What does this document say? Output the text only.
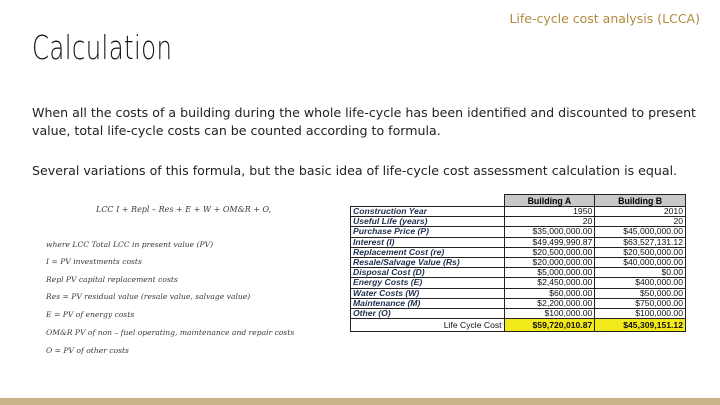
Calculation
Life-cycle cost analysis (LCCA)

When all the costs of a building during the whole life-cycle has been identified and discounted to present value, total life-cycle costs can be counted according to formula.

Several variations of this formula, but the basic idea of life-cycle cost assessment calculation is equal.

LCC I + Repl – Res + E + W + OM&R + O,
where LCC Total LCC in present value (PV)
I = PV investments costs
Repl PV capital replacement costs
Res = PV residual value (resale value, salvage value)
E = PV of energy costs
OM&R PV of non – fuel operating, maintenance and repair costs
O = PV of other costs
	Building A	Building B
Construction Year	1950	2010
Useful Life (years)	20	20
Purchase Price (P)	$35,000,000.00	$45,000,000.00
Interest (I)	$49,499,990.87	$63,527,131.12
Replacement Cost (re)	$20,500,000.00	$20,500,000.00
Resale/Salvage Value (Rs)	$20,000,000.00	$40,000,000.00
Disposal Cost (D)	$5,000,000.00	$0.00
Energy Costs (E)	$2,450,000.00	$400,000.00
Water Costs (W)	$60,000.00	$50,000.00
Maintenance (M)	$2,200,000.00	$750,000.00
Other (O)	$100,000.00	$100,000.00
Life Cycle Cost	$59,720,010.87	$45,309,151.12
